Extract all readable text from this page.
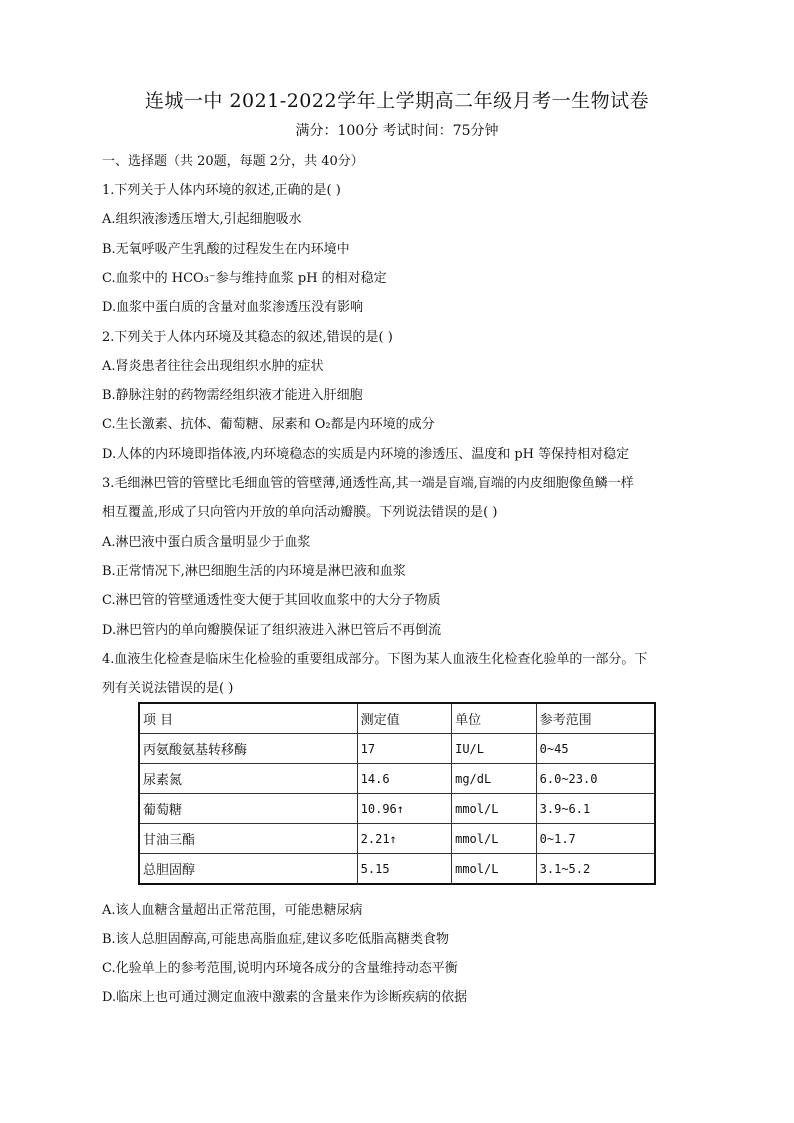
连城一中 2021-2022学年上学期高二年级月考一生物试卷
满分：100分 考试时间：75分钟
一、选择题（共 20题，每题 2分，共 40分）
1.下列关于人体内环境的叙述,正确的是( )
A.组织液渗透压增大,引起细胞吸水
B.无氧呼吸产生乳酸的过程发生在内环境中
C.血浆中的 HCO₃⁻参与维持血浆 pH 的相对稳定
D.血浆中蛋白质的含量对血浆渗透压没有影响
2.下列关于人体内环境及其稳态的叙述,错误的是( )
A.肾炎患者往往会出现组织水肿的症状
B.静脉注射的药物需经组织液才能进入肝细胞
C.生长激素、抗体、葡萄糖、尿素和 O₂都是内环境的成分
D.人体的内环境即指体液,内环境稳态的实质是内环境的渗透压、温度和 pH 等保持相对稳定
3.毛细淋巴管的管壁比毛细血管的管壁薄,通透性高,其一端是盲端,盲端的内皮细胞像鱼鳞一样
相互覆盖,形成了只向管内开放的单向活动瓣膜。下列说法错误的是( )
A.淋巴液中蛋白质含量明显少于血浆
B.正常情况下,淋巴细胞生活的内环境是淋巴液和血浆
C.淋巴管的管壁通透性变大便于其回收血浆中的大分子物质
D.淋巴管内的单向瓣膜保证了组织液进入淋巴管后不再倒流
4.血液生化检查是临床生化检验的重要组成部分。下图为某人血液生化检查化验单的一部分。下
列有关说法错误的是( )
项 目	测定值	单位	参考范围
丙氨酸氨基转移酶	17	IU/L	0~45
尿素氮	14.6	mg/dL	6.0~23.0
葡萄糖	10.96↑	mmol/L	3.9~6.1
甘油三酯	2.21↑	mmol/L	0~1.7
总胆固醇	5.15	mmol/L	3.1~5.2
A.该人血糖含量超出正常范围，可能患糖尿病
B.该人总胆固醇高,可能患高脂血症,建议多吃低脂高糖类食物
C.化验单上的参考范围,说明内环境各成分的含量维持动态平衡
D.临床上也可通过测定血液中激素的含量来作为诊断疾病的依据
